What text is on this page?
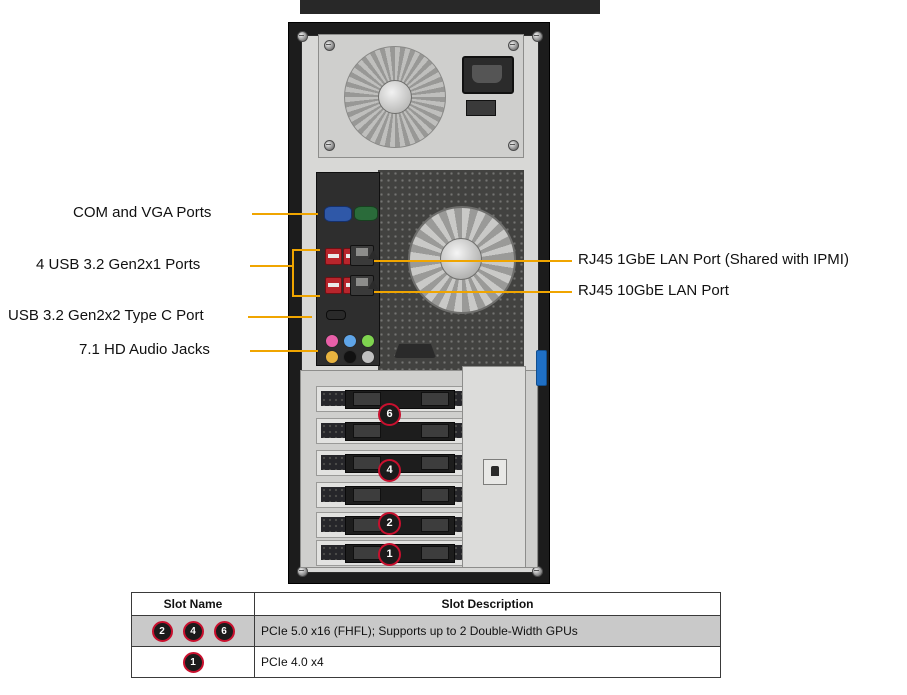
6
4
2
1
COM and VGA Ports
4 USB 3.2 Gen2x1 Ports
USB 3.2 Gen2x2 Type C Port
7.1 HD Audio Jacks
RJ45 1GbE LAN Port (Shared with IPMI)
RJ45 10GbE LAN Port
Slot Name	Slot Description
2 4 6	PCIe 5.0 x16 (FHFL); Supports up to 2 Double-Width GPUs
1	PCIe 4.0 x4
